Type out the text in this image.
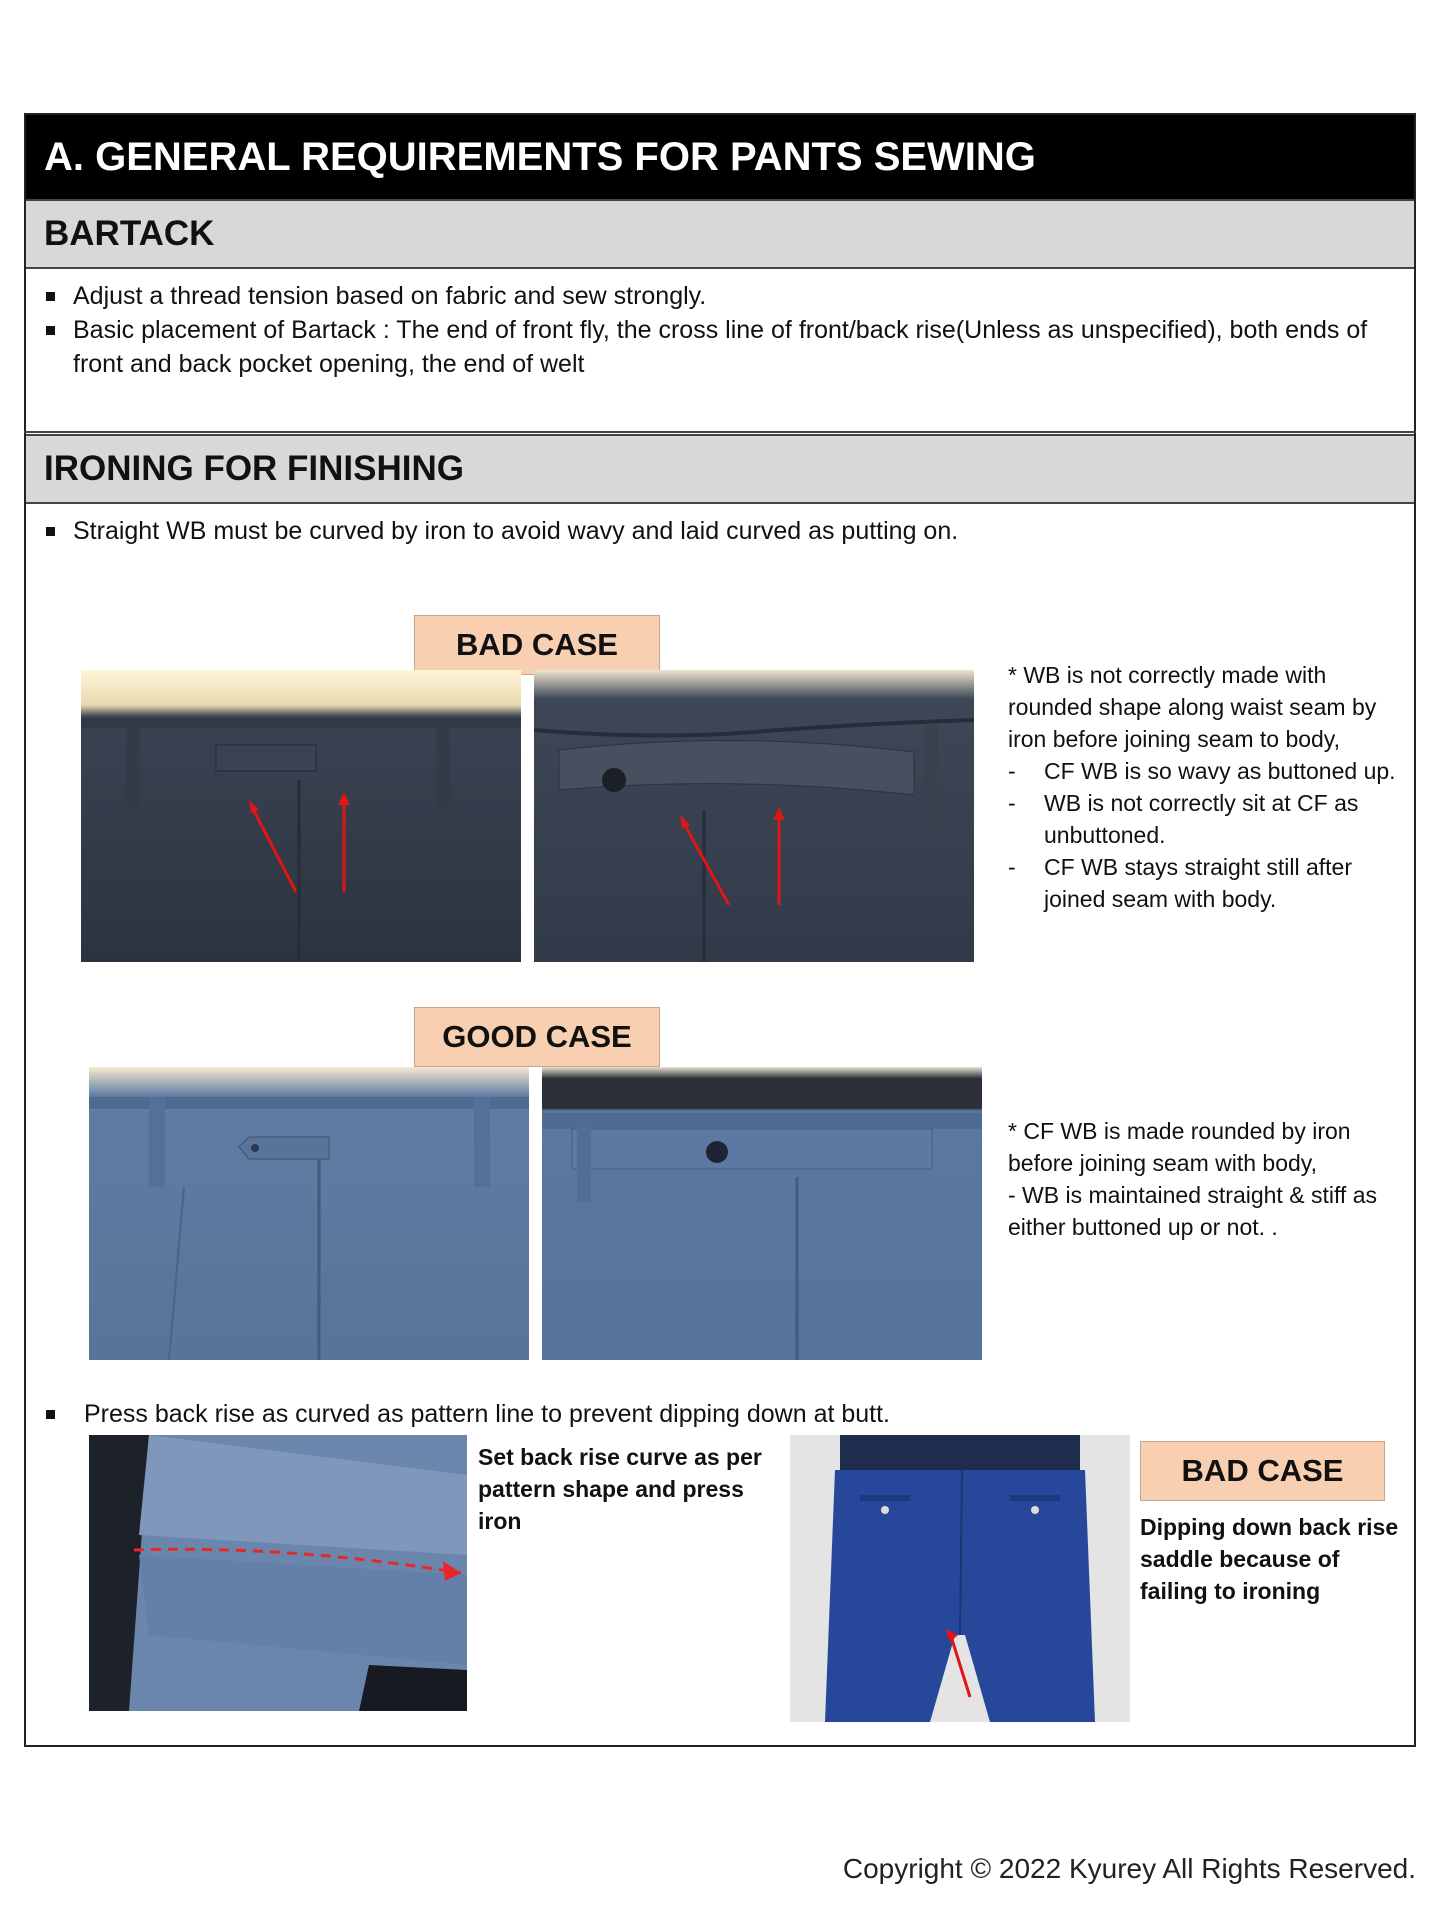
A. GENERAL REQUIREMENTS FOR PANTS SEWING
BARTACK
Adjust a thread tension based on fabric and sew strongly.
Basic placement of Bartack : The end of front fly, the cross line of front/back rise(Unless as unspecified), both ends of front and back pocket opening, the end of welt
IRONING FOR FINISHING
Straight WB must be curved by iron to avoid wavy and laid curved as putting on.
BAD CASE
* WB is not correctly made with rounded shape along waist seam by iron before joining seam to body,
- CF WB is so wavy as buttoned up.
- WB is not correctly sit at CF as unbuttoned.
- CF WB stays straight still after joined seam with body.
GOOD CASE
* CF WB is made rounded by iron before joining seam with body,
- WB is maintained straight & stiff as either buttoned up or not. .
Press back rise as curved as pattern line to prevent dipping down at butt.
Set back rise curve as per pattern shape and press iron
BAD CASE
Dipping down back rise saddle because of failing to ironing
Copyright © 2022 Kyurey All Rights Reserved.
